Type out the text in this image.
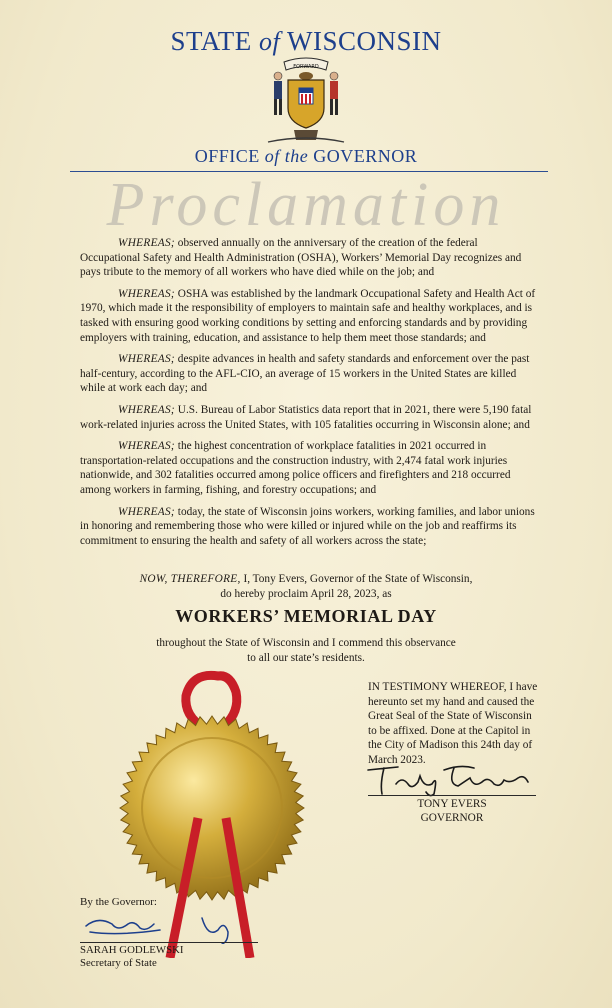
STATE of WISCONSIN
FORWARD
OFFICE of the GOVERNOR
Proclamation

WHEREAS; observed annually on the anniversary of the creation of the federal Occupational Safety and Health Administration (OSHA), Workers’ Memorial Day recognizes and pays tribute to the memory of all workers who have died while on the job; and

WHEREAS; OSHA was established by the landmark Occupational Safety and Health Act of 1970, which made it the responsibility of employers to maintain safe and healthy workplaces, and is tasked with ensuring good working conditions by setting and enforcing standards and by providing employers with training, education, and assistance to help them meet those standards; and

WHEREAS; despite advances in health and safety standards and enforcement over the past half-century, according to the AFL-CIO, an average of 15 workers in the United States are killed while at work each day; and

WHEREAS; U.S. Bureau of Labor Statistics data report that in 2021, there were 5,190 fatal work-related injuries across the United States, with 105 fatalities occurring in Wisconsin alone; and

WHEREAS; the highest concentration of workplace fatalities in 2021 occurred in transportation-related occupations and the construction industry, with 2,474 fatal work injuries nationwide, and 302 fatalities occurred among police officers and firefighters and 218 occurred among workers in farming, fishing, and forestry occupations; and

WHEREAS; today, the state of Wisconsin joins workers, working families, and labor unions in honoring and remembering those who were killed or injured while on the job and reaffirms its commitment to ensuring the health and safety of all workers across the state;

NOW, THEREFORE, I, Tony Evers, Governor of the State of Wisconsin,
do hereby proclaim April 28, 2023, as
WORKERS’ MEMORIAL DAY
throughout the State of Wisconsin and I commend this observance
to all our state’s residents.
IN TESTIMONY WHEREOF, I have hereunto set my hand and caused the Great Seal of the State of Wisconsin to be affixed. Done at the Capitol in the City of Madison this 24th day of March 2023.
TONY EVERS
GOVERNOR
By the Governor:
SARAH GODLEWSKI
Secretary of State
